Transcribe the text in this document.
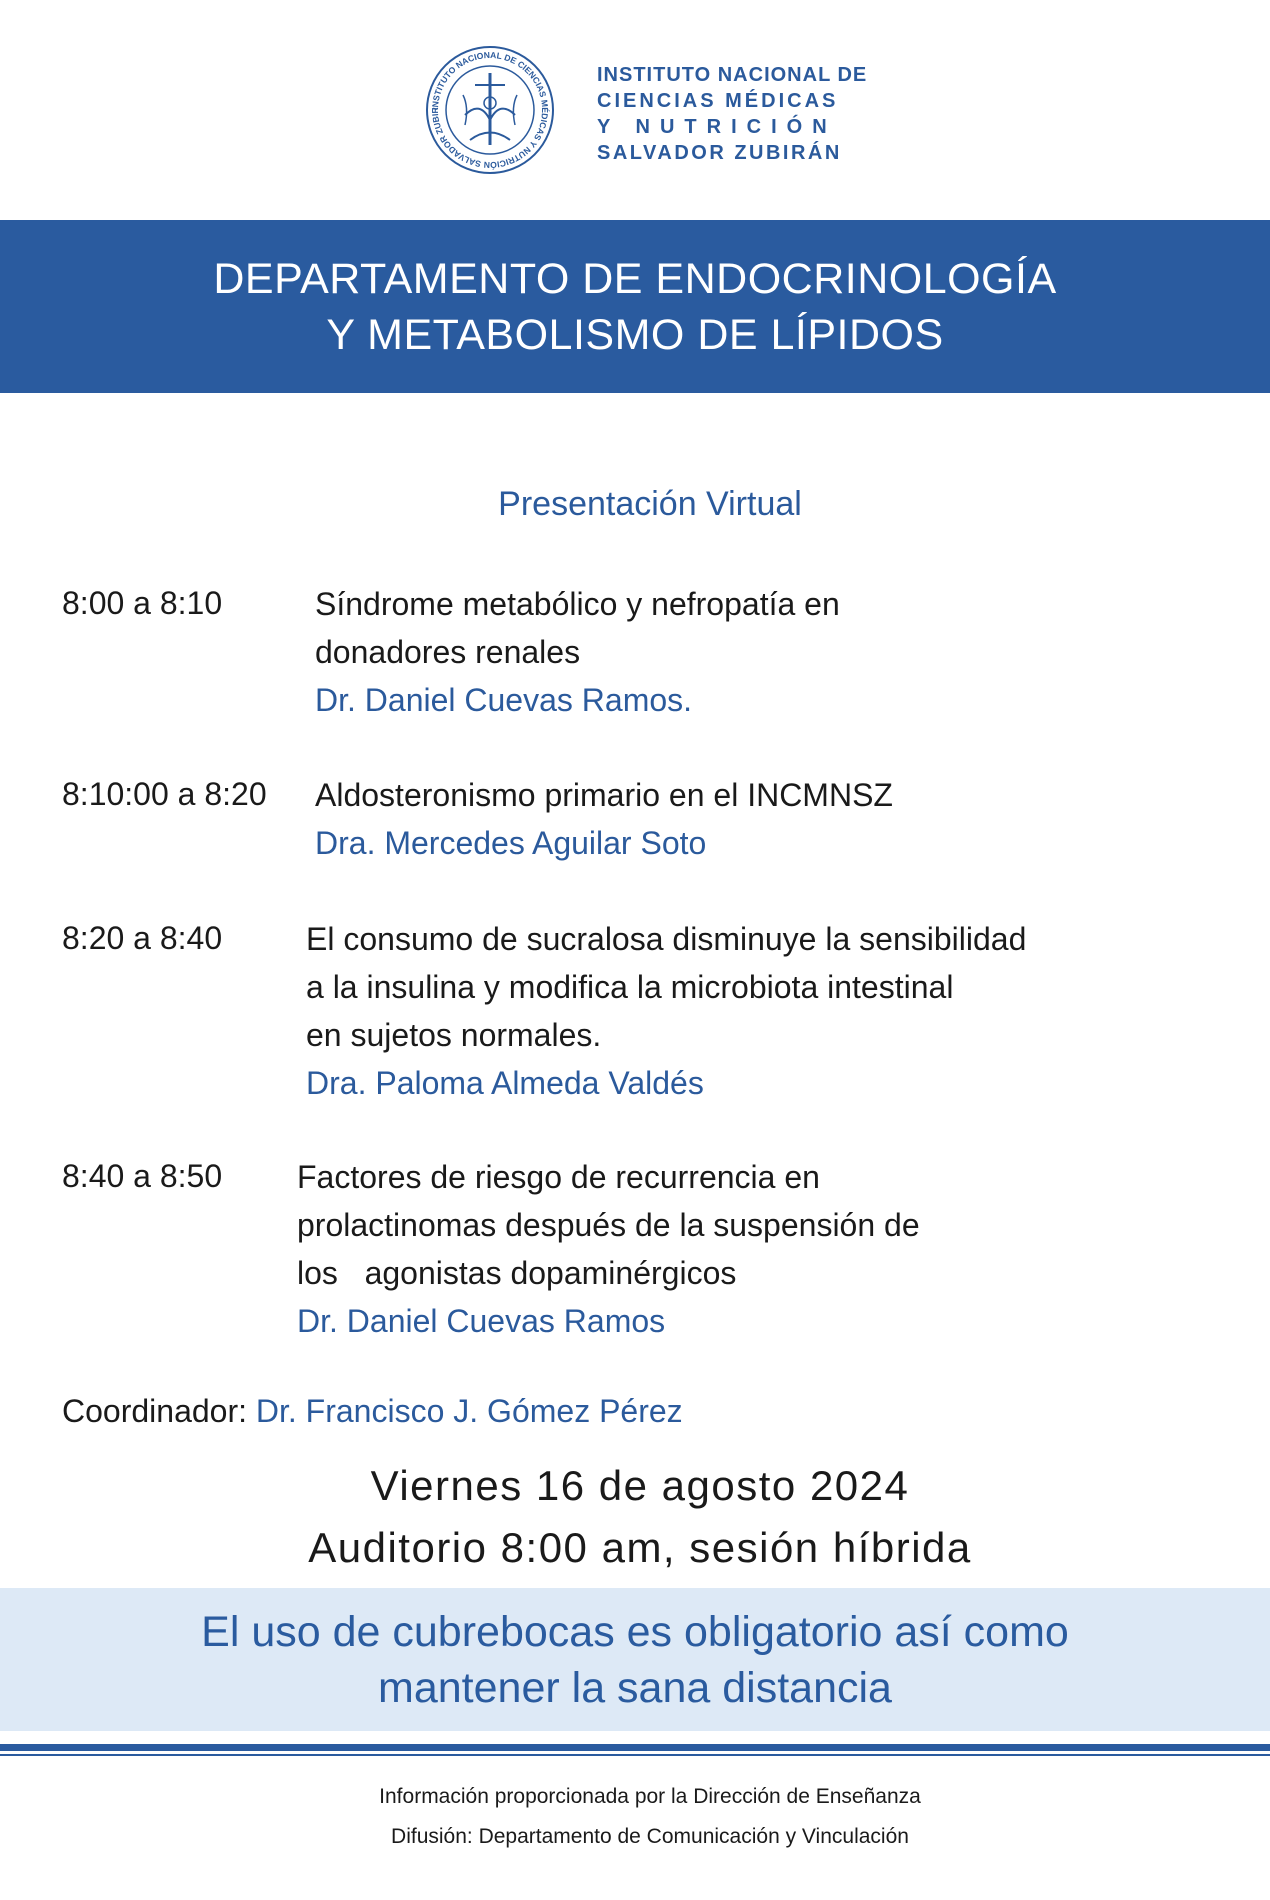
INSTITUTO NACIONAL DE CIENCIAS MÉDICAS Y NUTRICIÓN SALVADOR ZUBIR
INSTITUTO NACIONAL DE
CIENCIAS MÉDICAS
Y NUTRICIÓN
SALVADOR ZUBIRÁN
DEPARTAMENTO DE ENDOCRINOLOGÍA
Y METABOLISMO DE LÍPIDOS
Presentación Virtual
8:00 a 8:10	Síndrome metabólico y nefropatía en
donadores renales
Dr. Daniel Cuevas Ramos.
8:10:00 a 8:20 Aldosteronismo primario en el INCMNSZ
Dra. Mercedes Aguilar Soto
8:20 a 8:40	El consumo de sucralosa disminuye la sensibilidad
a la insulina y modifica la microbiota intestinal
en sujetos normales.
Dra. Paloma Almeda Valdés
8:40 a 8:50 Factores de riesgo de recurrencia en
prolactinomas después de la suspensión de
los   agonistas dopaminérgicos
Dr. Daniel Cuevas Ramos
Coordinador: Dr. Francisco J. Gómez Pérez
Viernes 16 de agosto 2024
Auditorio 8:00 am, sesión híbrida
El uso de cubrebocas es obligatorio así como
mantener la sana distancia
Información proporcionada por la Dirección de Enseñanza
Difusión: Departamento de Comunicación y Vinculación
